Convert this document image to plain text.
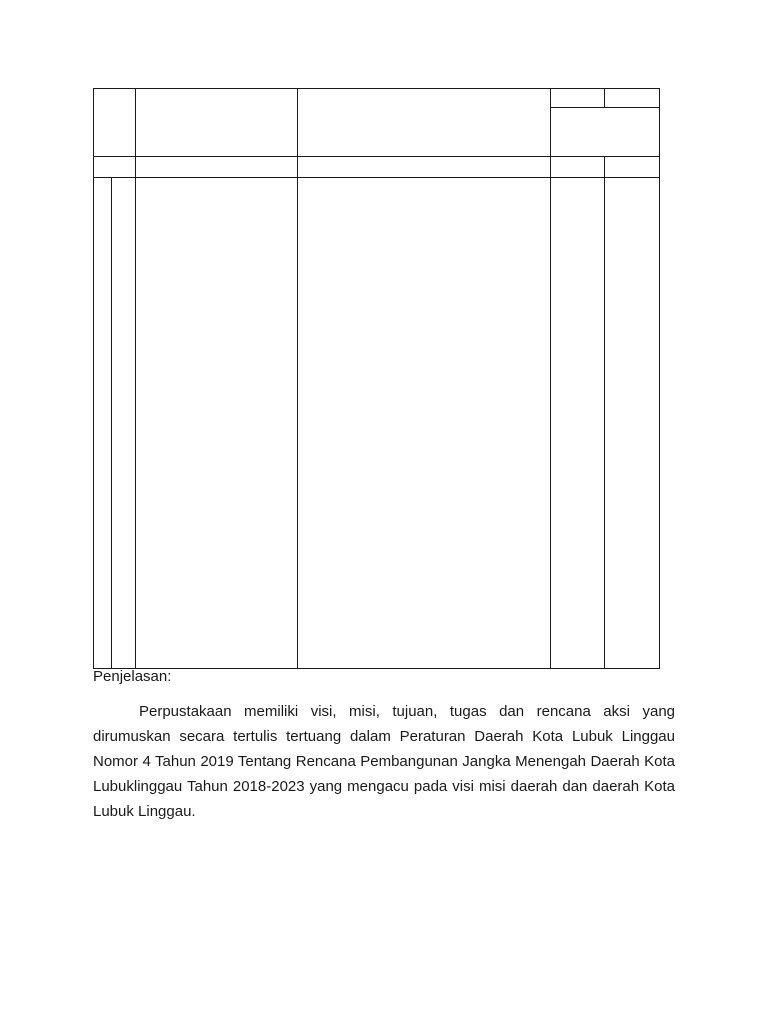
Penjelasan:

Perpustakaan memiliki visi, misi, tujuan, tugas dan rencana aksi yang dirumuskan secara tertulis tertuang dalam Peraturan Daerah Kota Lubuk Linggau Nomor 4 Tahun 2019 Tentang Rencana Pembangunan Jangka Menengah Daerah Kota Lubuklinggau Tahun 2018-2023 yang mengacu pada visi misi daerah dan daerah Kota Lubuk Linggau.
